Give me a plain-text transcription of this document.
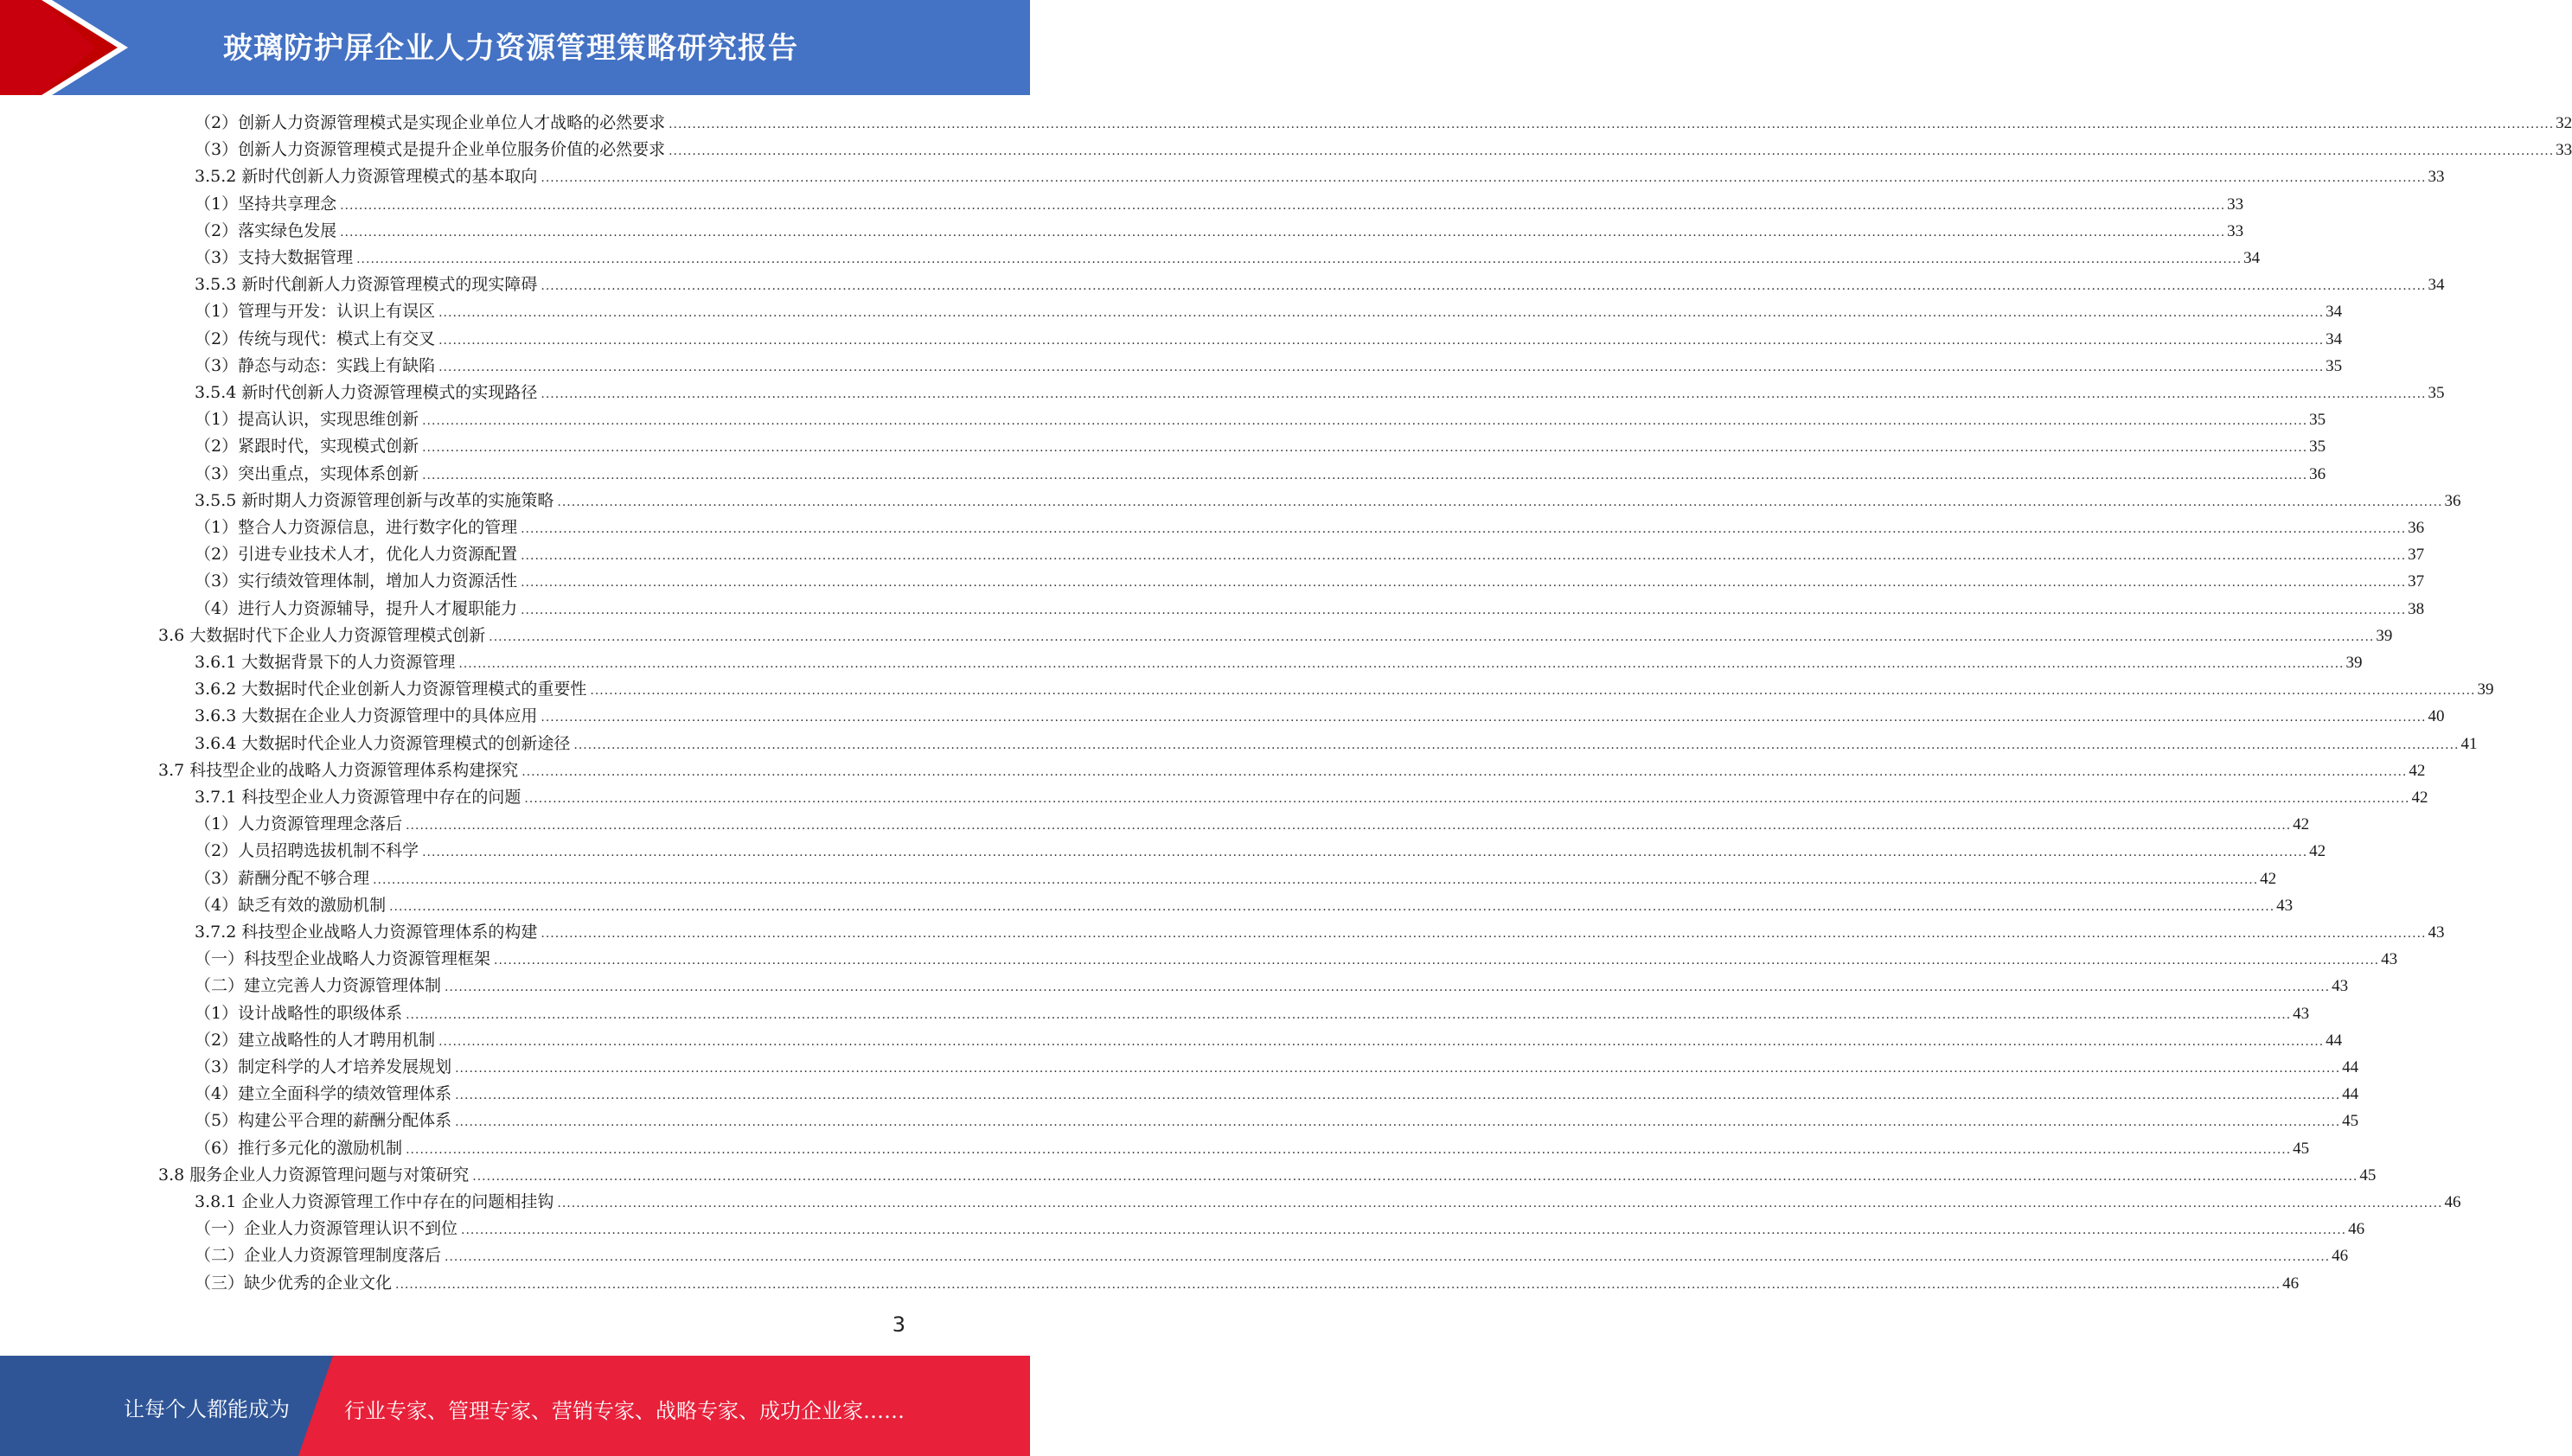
玻璃防护屏企业人力资源管理策略研究报告
（2）创新人力资源管理模式是实现企业单位人才战略的必然要求 ................................................................................................................................................................................................................................................................................................................................................................................................................ 32
（3）创新人力资源管理模式是提升企业单位服务价值的必然要求 ................................................................................................................................................................................................................................................................................................................................................................................................................ 33
3.5.2 新时代创新人力资源管理模式的基本取向 ................................................................................................................................................................................................................................................................................................................................................................................................................ 33
（1）坚持共享理念 ................................................................................................................................................................................................................................................................................................................................................................................................................ 33
（2）落实绿色发展 ................................................................................................................................................................................................................................................................................................................................................................................................................ 33
（3）支持大数据管理 ................................................................................................................................................................................................................................................................................................................................................................................................................ 34
3.5.3 新时代創新人力资源管理模式的现实障碍 ................................................................................................................................................................................................................................................................................................................................................................................................................ 34
（1）管理与开发：认识上有误区 ................................................................................................................................................................................................................................................................................................................................................................................................................ 34
（2）传统与现代：模式上有交叉 ................................................................................................................................................................................................................................................................................................................................................................................................................ 34
（3）静态与动态：实践上有缺陷 ................................................................................................................................................................................................................................................................................................................................................................................................................ 35
3.5.4 新时代创新人力资源管理模式的实现路径 ................................................................................................................................................................................................................................................................................................................................................................................................................ 35
（1）提高认识，实现思维创新 ................................................................................................................................................................................................................................................................................................................................................................................................................ 35
（2）紧跟时代，实现模式创新 ................................................................................................................................................................................................................................................................................................................................................................................................................ 35
（3）突出重点，实现体系创新 ................................................................................................................................................................................................................................................................................................................................................................................................................ 36
3.5.5 新时期人力资源管理创新与改革的实施策略 ................................................................................................................................................................................................................................................................................................................................................................................................................ 36
（1）整合人力资源信息，进行数字化的管理 ................................................................................................................................................................................................................................................................................................................................................................................................................ 36
（2）引进专业技术人才，优化人力资源配置 ................................................................................................................................................................................................................................................................................................................................................................................................................ 37
（3）实行绩效管理体制，增加人力资源活性 ................................................................................................................................................................................................................................................................................................................................................................................................................ 37
（4）进行人力资源辅导，提升人才履职能力 ................................................................................................................................................................................................................................................................................................................................................................................................................ 38
3.6 大数据时代下企业人力资源管理模式创新 ................................................................................................................................................................................................................................................................................................................................................................................................................ 39
3.6.1 大数据背景下的人力资源管理 ................................................................................................................................................................................................................................................................................................................................................................................................................ 39
3.6.2 大数据时代企业创新人力资源管理模式的重要性 ................................................................................................................................................................................................................................................................................................................................................................................................................ 39
3.6.3 大数据在企业人力资源管理中的具体应用 ................................................................................................................................................................................................................................................................................................................................................................................................................ 40
3.6.4 大数据时代企业人力资源管理模式的创新途径 ................................................................................................................................................................................................................................................................................................................................................................................................................ 41
3.7 科技型企业的战略人力资源管理体系构建探究 ................................................................................................................................................................................................................................................................................................................................................................................................................ 42
3.7.1 科技型企业人力资源管理中存在的问题 ................................................................................................................................................................................................................................................................................................................................................................................................................ 42
（1）人力资源管理理念落后 ................................................................................................................................................................................................................................................................................................................................................................................................................ 42
（2）人员招聘选拔机制不科学 ................................................................................................................................................................................................................................................................................................................................................................................................................ 42
（3）薪酬分配不够合理 ................................................................................................................................................................................................................................................................................................................................................................................................................ 42
（4）缺乏有效的激励机制 ................................................................................................................................................................................................................................................................................................................................................................................................................ 43
3.7.2 科技型企业战略人力资源管理体系的构建 ................................................................................................................................................................................................................................................................................................................................................................................................................ 43
（一）科技型企业战略人力资源管理框架 ................................................................................................................................................................................................................................................................................................................................................................................................................ 43
（二）建立完善人力资源管理体制 ................................................................................................................................................................................................................................................................................................................................................................................................................ 43
（1）设计战略性的职级体系 ................................................................................................................................................................................................................................................................................................................................................................................................................ 43
（2）建立战略性的人才聘用机制 ................................................................................................................................................................................................................................................................................................................................................................................................................ 44
（3）制定科学的人才培养发展规划 ................................................................................................................................................................................................................................................................................................................................................................................................................ 44
（4）建立全面科学的绩效管理体系 ................................................................................................................................................................................................................................................................................................................................................................................................................ 44
（5）构建公平合理的薪酬分配体系 ................................................................................................................................................................................................................................................................................................................................................................................................................ 45
（6）推行多元化的激励机制 ................................................................................................................................................................................................................................................................................................................................................................................................................ 45
3.8 服务企业人力资源管理问题与对策研究 ................................................................................................................................................................................................................................................................................................................................................................................................................ 45
3.8.1 企业人力资源管理工作中存在的问题相挂钩 ................................................................................................................................................................................................................................................................................................................................................................................................................ 46
（一）企业人力资源管理认识不到位 ................................................................................................................................................................................................................................................................................................................................................................................................................ 46
（二）企业人力资源管理制度落后 ................................................................................................................................................................................................................................................................................................................................................................................................................ 46
（三）缺少优秀的企业文化 ................................................................................................................................................................................................................................................................................................................................................................................................................ 46
3
让每个人都能成为	行业专家、管理专家、营销专家、战略专家、成功企业家……
